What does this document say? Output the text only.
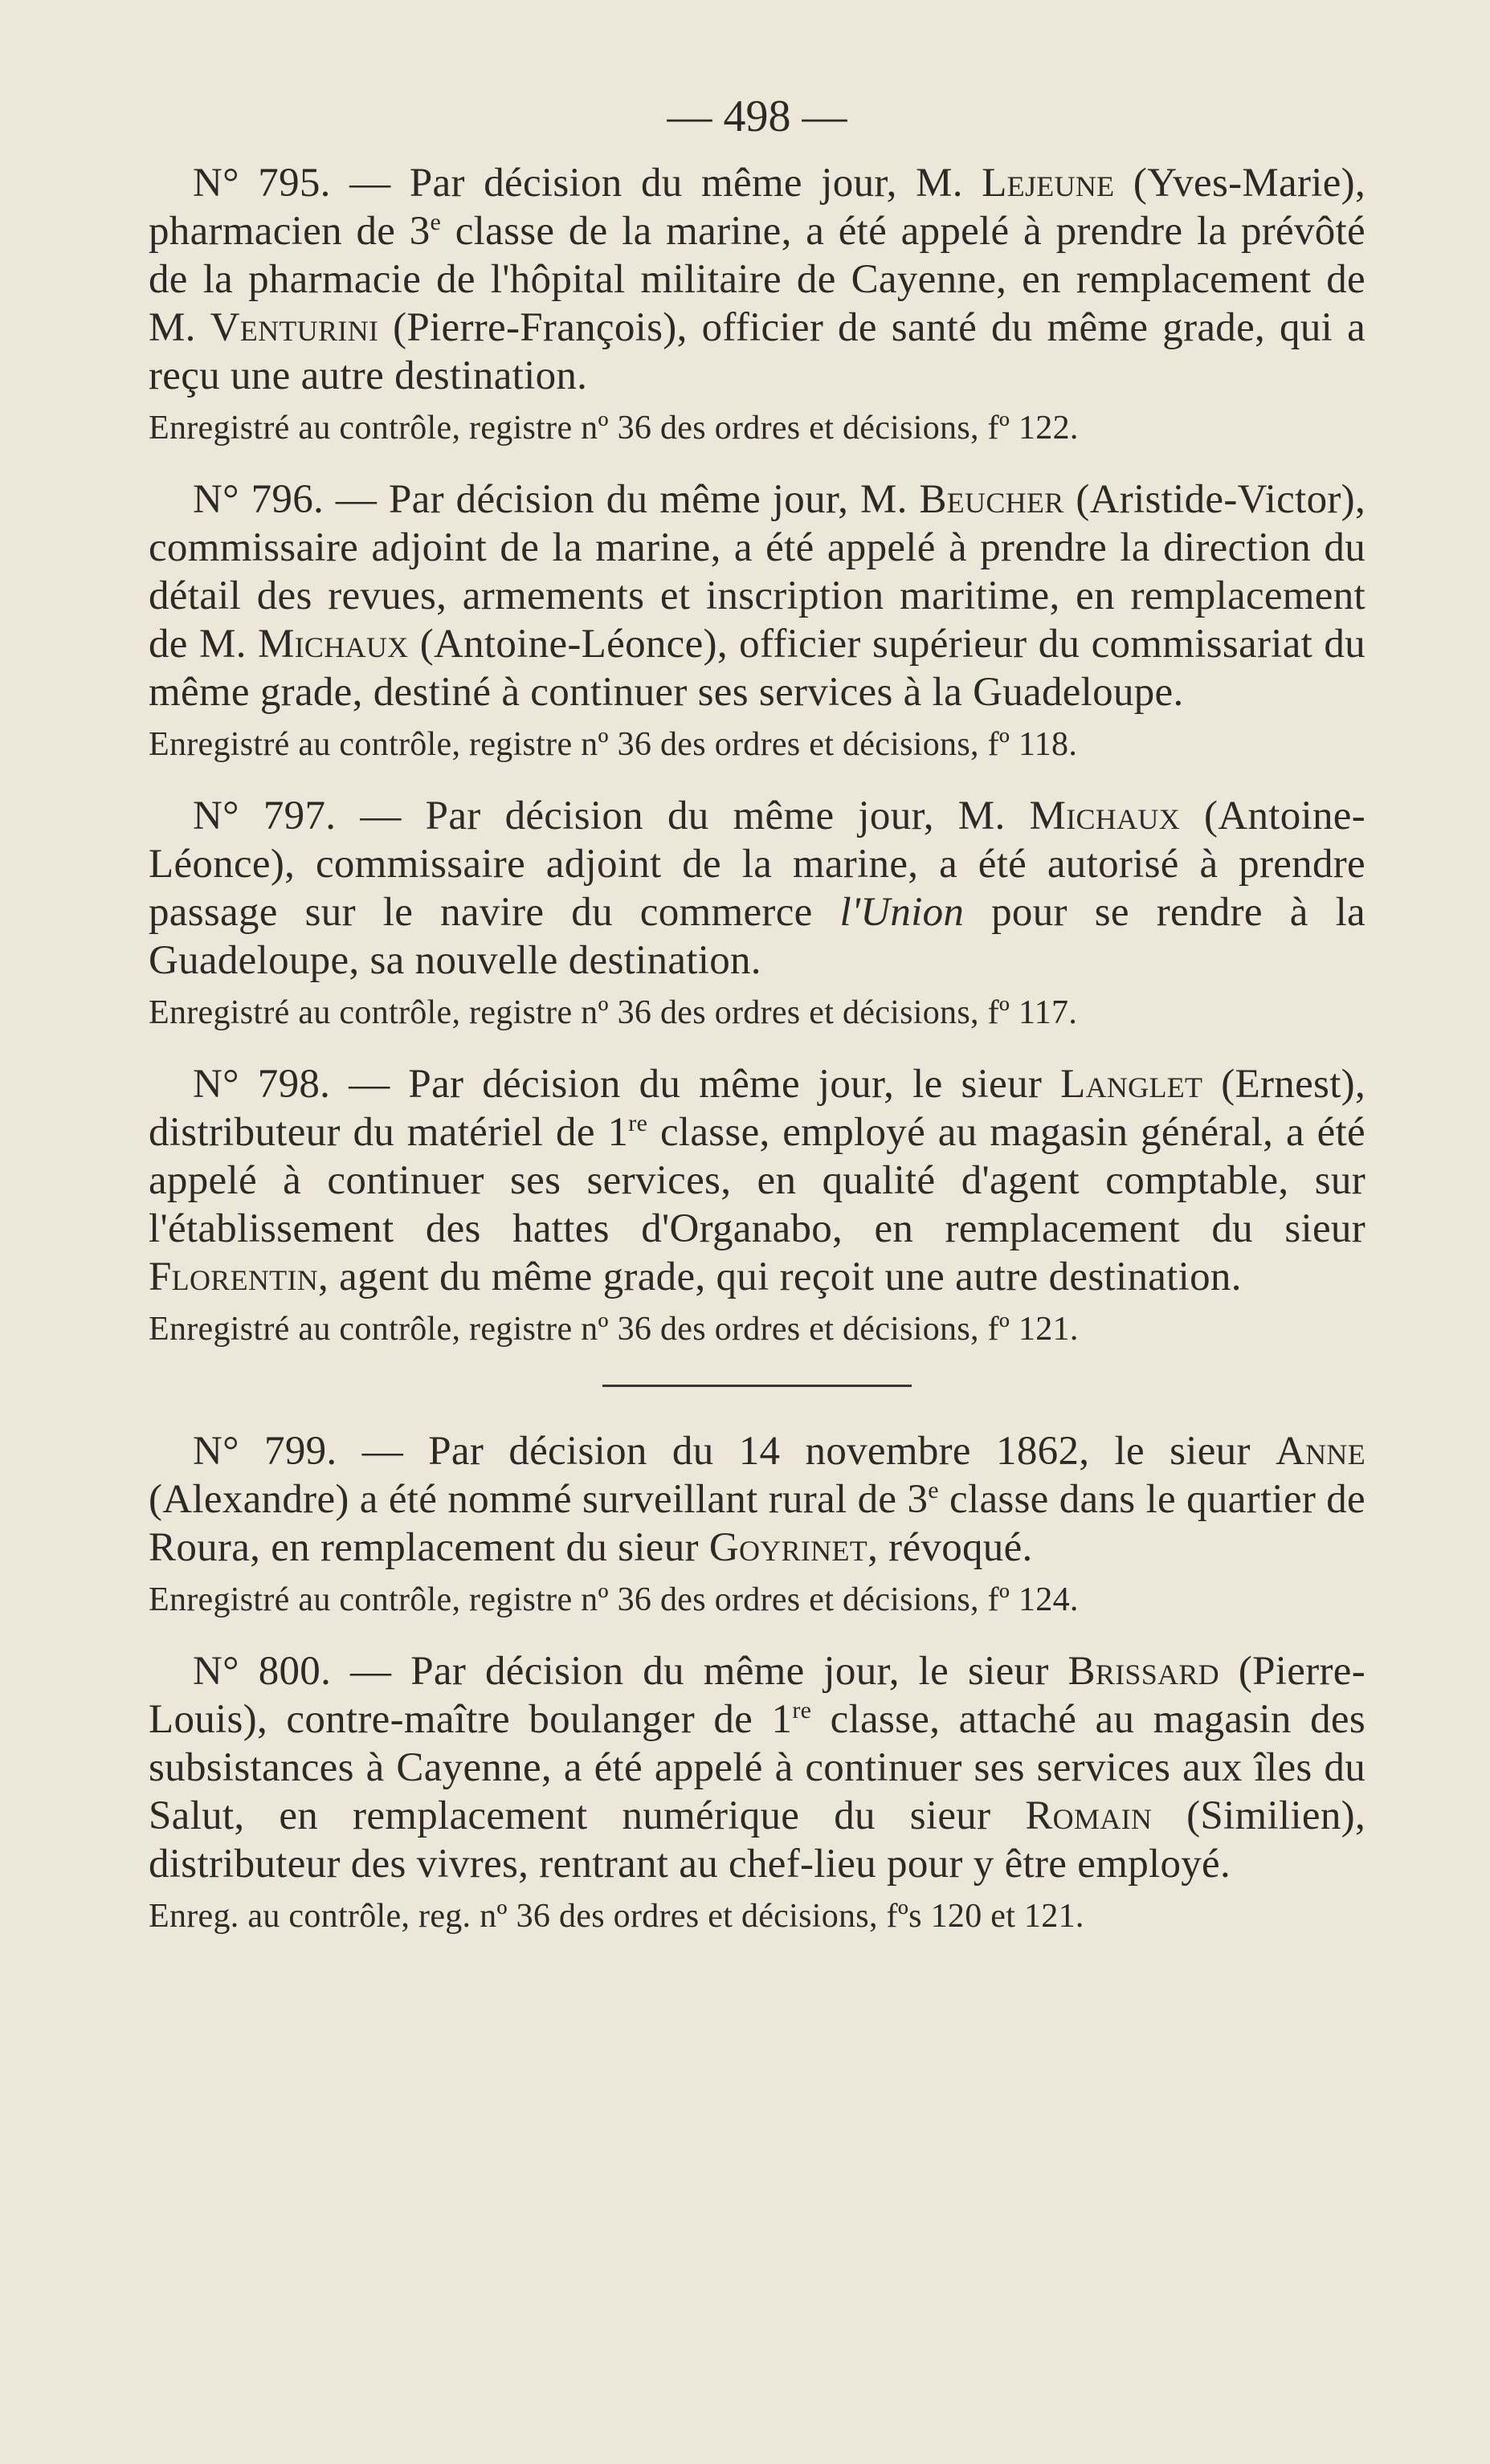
— 498 —
N° 795. — Par décision du même jour, M. Lejeune (Yves-Marie), pharmacien de 3e classe de la marine, a été appelé à prendre la prévôté de la pharmacie de l'hôpital militaire de Cayenne, en remplacement de M. Venturini (Pierre-François), officier de santé du même grade, qui a reçu une autre destination.
Enregistré au contrôle, registre nº 36 des ordres et décisions, fº 122.
N° 796. — Par décision du même jour, M. Beucher (Aristide-Victor), commissaire adjoint de la marine, a été appelé à prendre la direction du détail des revues, armements et inscription maritime, en remplacement de M. Michaux (Antoine-Léonce), officier supérieur du commissariat du même grade, destiné à continuer ses services à la Guadeloupe.
Enregistré au contrôle, registre nº 36 des ordres et décisions, fº 118.
N° 797. — Par décision du même jour, M. Michaux (Antoine-Léonce), commissaire adjoint de la marine, a été autorisé à prendre passage sur le navire du commerce l'Union pour se rendre à la Guadeloupe, sa nouvelle destination.
Enregistré au contrôle, registre nº 36 des ordres et décisions, fº 117.
N° 798. — Par décision du même jour, le sieur Langlet (Ernest), distributeur du matériel de 1re classe, employé au magasin général, a été appelé à continuer ses services, en qualité d'agent comptable, sur l'établissement des hattes d'Organabo, en remplacement du sieur Florentin, agent du même grade, qui reçoit une autre destination.
Enregistré au contrôle, registre nº 36 des ordres et décisions, fº 121.
N° 799. — Par décision du 14 novembre 1862, le sieur Anne (Alexandre) a été nommé surveillant rural de 3e classe dans le quartier de Roura, en remplacement du sieur Goyrinet, révoqué.
Enregistré au contrôle, registre nº 36 des ordres et décisions, fº 124.
N° 800. — Par décision du même jour, le sieur Brissard (Pierre-Louis), contre-maître boulanger de 1re classe, attaché au magasin des subsistances à Cayenne, a été appelé à continuer ses services aux îles du Salut, en remplacement numérique du sieur Romain (Similien), distributeur des vivres, rentrant au chef-lieu pour y être employé.
Enreg. au contrôle, reg. nº 36 des ordres et décisions, fºs 120 et 121.
